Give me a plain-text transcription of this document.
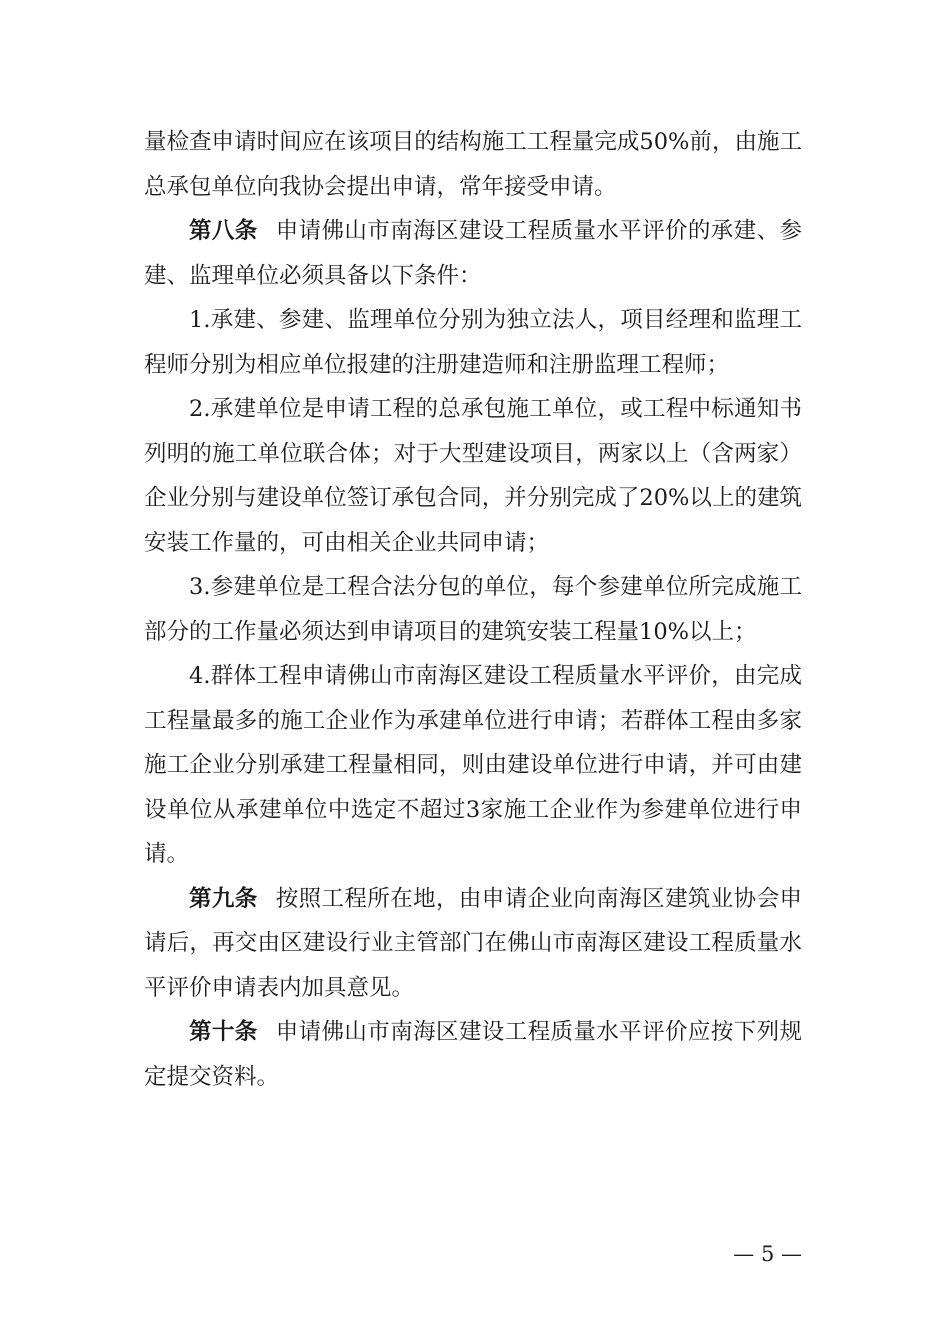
量检查申请时间应在该项目的结构施工工程量完成50%前，由施工总承包单位向我协会提出申请，常年接受申请。

第八条 申请佛山市南海区建设工程质量水平评价的承建、参建、监理单位必须具备以下条件：

1.承建、参建、监理单位分别为独立法人，项目经理和监理工程师分别为相应单位报建的注册建造师和注册监理工程师；

2.承建单位是申请工程的总承包施工单位，或工程中标通知书列明的施工单位联合体；对于大型建设项目，两家以上（含两家）企业分别与建设单位签订承包合同，并分别完成了20%以上的建筑安装工作量的，可由相关企业共同申请；

3.参建单位是工程合法分包的单位，每个参建单位所完成施工部分的工作量必须达到申请项目的建筑安装工程量10%以上；

4.群体工程申请佛山市南海区建设工程质量水平评价，由完成工程量最多的施工企业作为承建单位进行申请；若群体工程由多家施工企业分别承建工程量相同，则由建设单位进行申请，并可由建设单位从承建单位中选定不超过3家施工企业作为参建单位进行申请。

第九条 按照工程所在地，由申请企业向南海区建筑业协会申请后，再交由区建设行业主管部门在佛山市南海区建设工程质量水平评价申请表内加具意见。

第十条 申请佛山市南海区建设工程质量水平评价应按下列规定提交资料。

— 5 —
